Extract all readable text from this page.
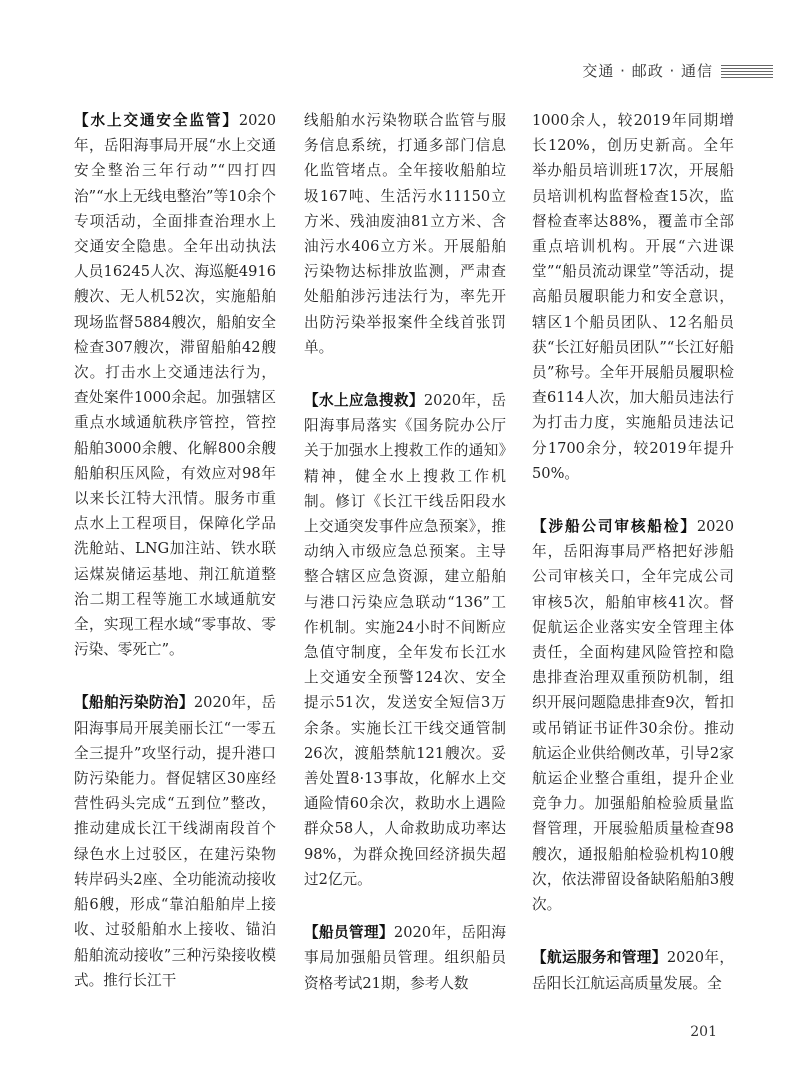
交通 · 邮政 · 通信

【水上交通安全监管】2020年，岳阳海事局开展“水上交通安全整治三年行动”“四打四治”“水上无线电整治”等10余个专项活动，全面排查治理水上交通安全隐患。全年出动执法人员16245人次、海巡艇4916艘次、无人机52次，实施船舶现场监督5884艘次，船舶安全检查307艘次，滞留船舶42艘次。打击水上交通违法行为，查处案件1000余起。加强辖区重点水域通航秩序管控，管控船舶3000余艘、化解800余艘船舶积压风险，有效应对98年以来长江特大汛情。服务市重点水上工程项目，保障化学品洗舱站、LNG加注站、铁水联运煤炭储运基地、荆江航道整治二期工程等施工水域通航安全，实现工程水域“零事故、零污染、零死亡”。

【船舶污染防治】2020年，岳阳海事局开展美丽长江“一零五全三提升”攻坚行动，提升港口防污染能力。督促辖区30座经营性码头完成“五到位”整改，推动建成长江干线湖南段首个绿色水上过驳区，在建污染物转岸码头2座、全功能流动接收船6艘，形成“靠泊船舶岸上接收、过驳船舶水上接收、锚泊船舶流动接收”三种污染接收模式。推行长江干

线船舶水污染物联合监管与服务信息系统，打通多部门信息化监管堵点。全年接收船舶垃圾167吨、生活污水11150立方米、残油废油81立方米、含油污水406立方米。开展船舶污染物达标排放监测，严肃查处船舶涉污违法行为，率先开出防污染举报案件全线首张罚单。

【水上应急搜救】2020年，岳阳海事局落实《国务院办公厅关于加强水上搜救工作的通知》精神，健全水上搜救工作机制。修订《长江干线岳阳段水上交通突发事件应急预案》，推动纳入市级应急总预案。主导整合辖区应急资源，建立船舶与港口污染应急联动“136”工作机制。实施24小时不间断应急值守制度，全年发布长江水上交通安全预警124次、安全提示51次，发送安全短信3万余条。实施长江干线交通管制26次，渡船禁航121艘次。妥善处置8·13事故，化解水上交通险情60余次，救助水上遇险群众58人，人命救助成功率达98%，为群众挽回经济损失超过2亿元。

【船员管理】2020年，岳阳海事局加强船员管理。组织船员资格考试21期，参考人数

1000余人，较2019年同期增长120%，创历史新高。全年举办船员培训班17次，开展船员培训机构监督检查15次，监督检查率达88%，覆盖市全部重点培训机构。开展“六进课堂”“船员流动课堂”等活动，提高船员履职能力和安全意识，辖区1个船员团队、12名船员获“长江好船员团队”“长江好船员”称号。全年开展船员履职检查6114人次，加大船员违法行为打击力度，实施船员违法记分1700余分，较2019年提升50%。

【涉船公司审核船检】2020年，岳阳海事局严格把好涉船公司审核关口，全年完成公司审核5次，船舶审核41次。督促航运企业落实安全管理主体责任，全面构建风险管控和隐患排查治理双重预防机制，组织开展问题隐患排查9次，暂扣或吊销证书证件30余份。推动航运企业供给侧改革，引导2家航运企业整合重组，提升企业竞争力。加强船舶检验质量监督管理，开展验船质量检查98艘次，通报船舶检验机构10艘次，依法滞留设备缺陷船舶3艘次。

【航运服务和管理】2020年，岳阳长江航运高质量发展。全

201
